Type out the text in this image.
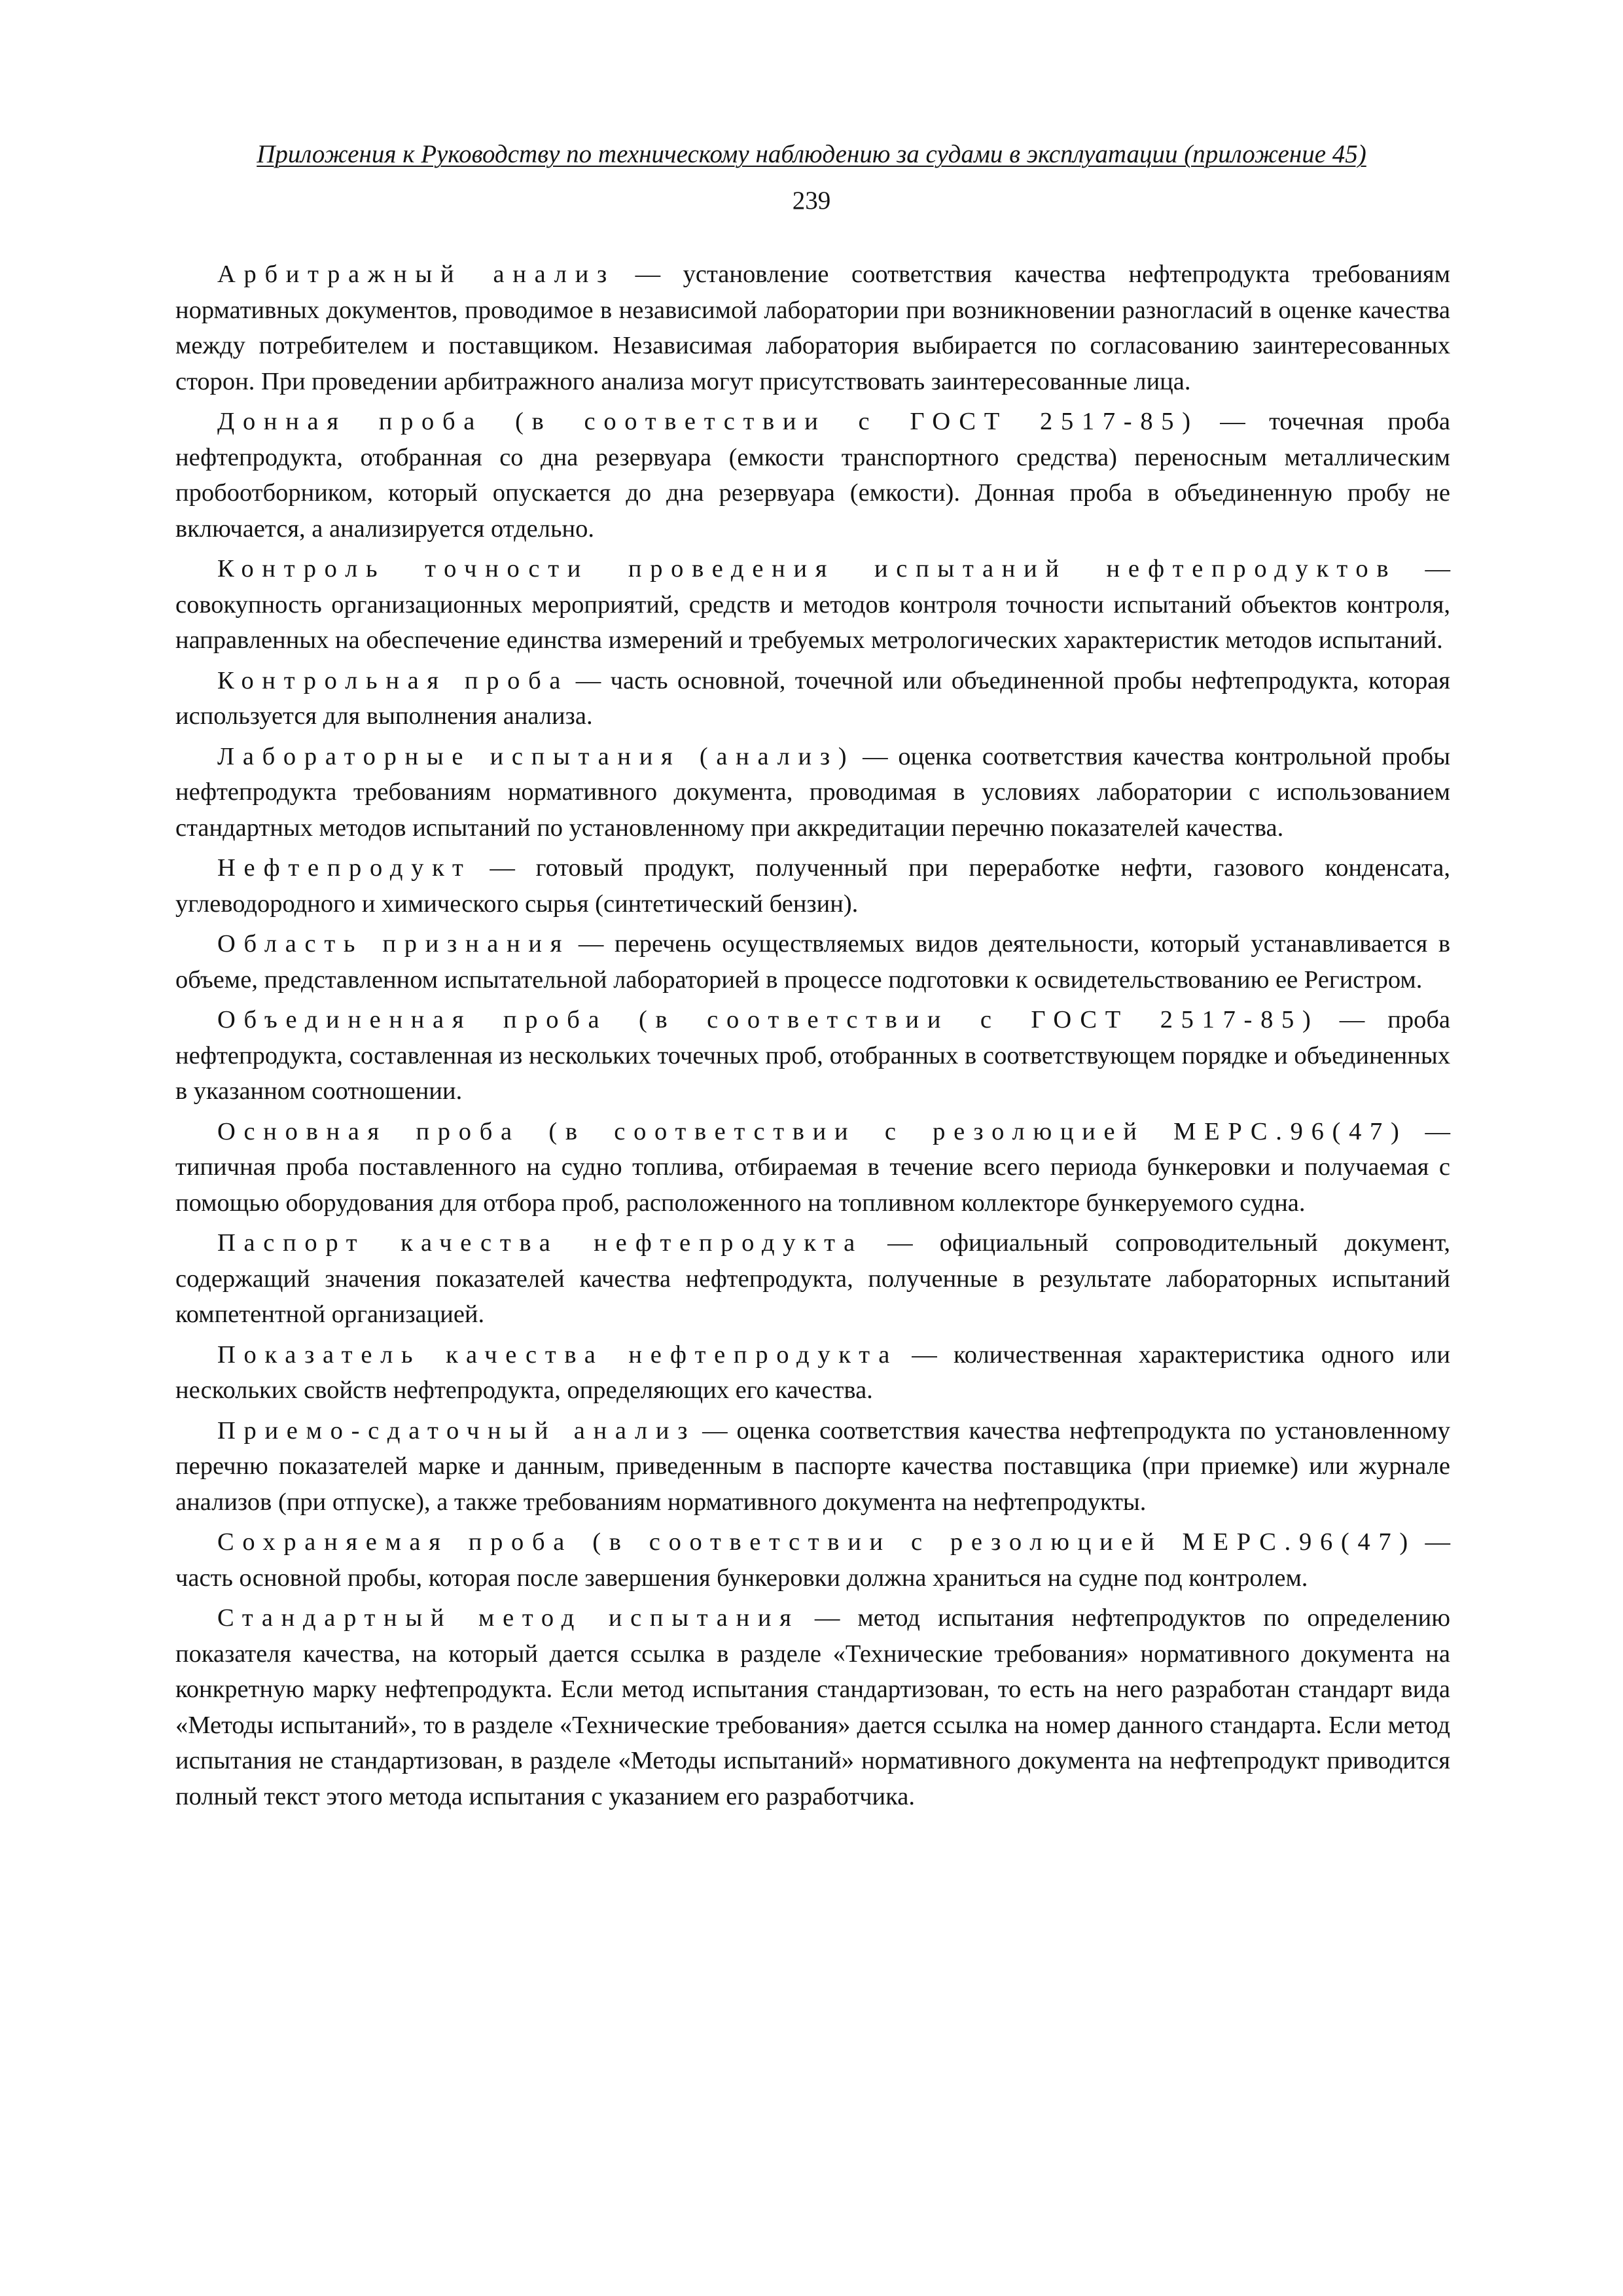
Приложения к Руководству по техническому наблюдению за судами в эксплуатации (приложение 45)
239

Арбитражный анализ — установление соответствия качества нефтепродукта требованиям нормативных документов, проводимое в независимой лаборатории при возникновении разногласий в оценке качества между потребителем и поставщиком. Независимая лаборатория выбирается по согласованию заинтересованных сторон. При проведении арбитражного анализа могут присутствовать заинтересованные лица.

Донная проба (в соответствии с ГОСТ 2517-85) — точечная проба нефтепродукта, отобранная со дна резервуара (емкости транспортного средства) переносным металлическим пробоотборником, который опускается до дна резервуара (емкости). Донная проба в объединенную пробу не включается, а анализируется отдельно.

Контроль точности проведения испытаний нефтепродуктов — совокупность организационных мероприятий, средств и методов контроля точности испытаний объектов контроля, направленных на обеспечение единства измерений и требуемых метрологических характеристик методов испытаний.

Контрольная проба — часть основной, точечной или объединенной пробы нефтепродукта, которая используется для выполнения анализа.

Лабораторные испытания (анализ) — оценка соответствия качества контрольной пробы нефтепродукта требованиям нормативного документа, проводимая в условиях лаборатории с использованием стандартных методов испытаний по установленному при аккредитации перечню показателей качества.

Нефтепродукт — готовый продукт, полученный при переработке нефти, газового конденсата, углеводородного и химического сырья (синтетический бензин).

Область признания — перечень осуществляемых видов деятельности, который устанавливается в объеме, представленном испытательной лабораторией в процессе подготовки к освидетельствованию ее Регистром.

Объединенная проба (в соответствии с ГОСТ 2517-85) — проба нефтепродукта, составленная из нескольких точечных проб, отобранных в соответствующем порядке и объединенных в указанном соотношении.

Основная проба (в соответствии с резолюцией МЕРС.96(47) — типичная проба поставленного на судно топлива, отбираемая в течение всего периода бункеровки и получаемая с помощью оборудования для отбора проб, расположенного на топливном коллекторе бункеруемого судна.

Паспорт качества нефтепродукта — официальный сопроводительный документ, содержащий значения показателей качества нефтепродукта, полученные в результате лабораторных испытаний компетентной организацией.

Показатель качества нефтепродукта — количественная характеристика одного или нескольких свойств нефтепродукта, определяющих его качества.

Приемо-сдаточный анализ — оценка соответствия качества нефтепродукта по установленному перечню показателей марке и данным, приведенным в паспорте качества поставщика (при приемке) или журнале анализов (при отпуске), а также требованиям нормативного документа на нефтепродукты.

Сохраняемая проба (в соответствии с резолюцией МЕРС.96(47) — часть основной пробы, которая после завершения бункеровки должна храниться на судне под контролем.

Стандартный метод испытания — метод испытания нефтепродуктов по определению показателя качества, на который дается ссылка в разделе «Технические требования» нормативного документа на конкретную марку нефтепродукта. Если метод испытания стандартизован, то есть на него разработан стандарт вида «Методы испытаний», то в разделе «Технические требования» дается ссылка на номер данного стандарта. Если метод испытания не стандартизован, в разделе «Методы испытаний» нормативного документа на нефтепродукт приводится полный текст этого метода испытания с указанием его разработчика.
